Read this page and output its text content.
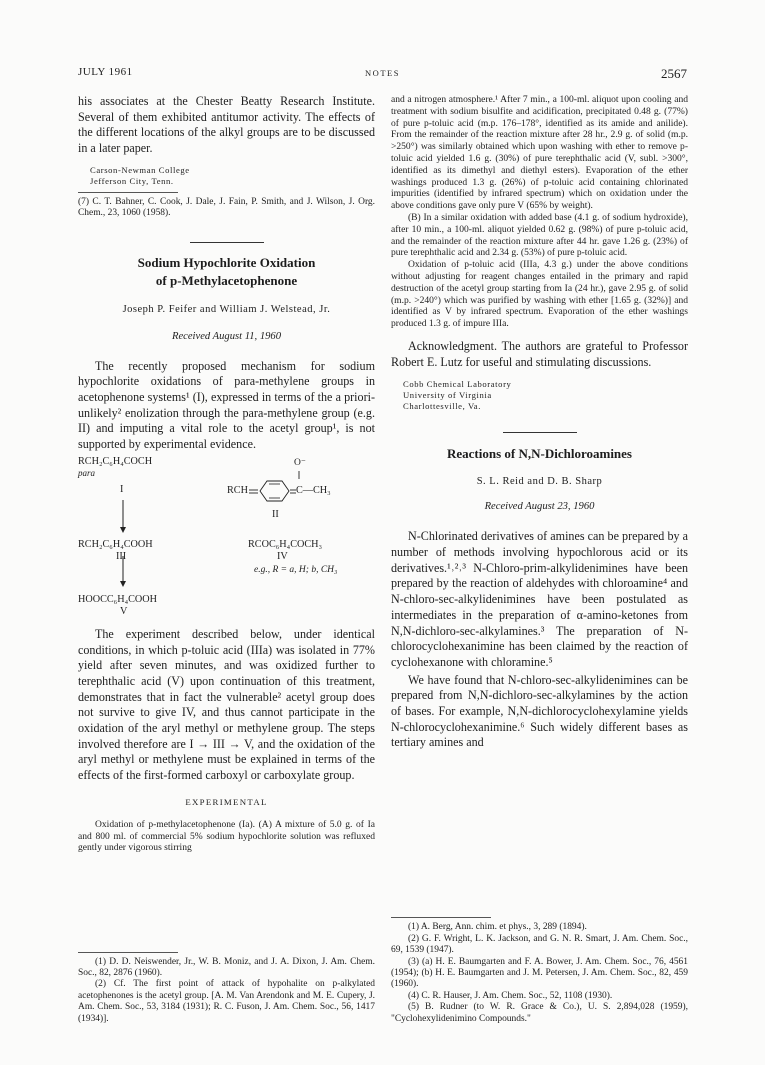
JULY 1961	NOTES	2567

his associates at the Chester Beatty Research Institute. Several of them exhibited antitumor activity. The effects of the different locations of the alkyl groups are to be discussed in a later paper.

Carson-Newman College
Jefferson City, Tenn.

(7) C. T. Bahner, C. Cook, J. Dale, J. Fain, P. Smith, and J. Wilson, J. Org. Chem., 23, 1060 (1958).

Sodium Hypochlorite Oxidation

of p-Methylacetophenone

Joseph P. Feifer and William J. Welstead, Jr.

Received August 11, 1960

The recently proposed mechanism for sodium hypochlorite oxidations of para-methylene groups in acetophenone systems¹ (I), expressed in terms of the a priori-unlikely² enolization through the para-methylene group (e.g. II) and imputing a vital role to the acetyl group¹, is not supported by experimental evidence.

RCH₂C₆H₄COCH
para
I
RCH₂C₆H₄COOH
III
HOOCC₆H₄COOH
V
O⁻
RCH	C—CH₃
II
RCOC₆H₄COCH₃
IV
e.g., R = a, H; b, CH₃

The experiment described below, under identical conditions, in which p-toluic acid (IIIa) was isolated in 77% yield after seven minutes, and was oxidized further to terephthalic acid (V) upon continuation of this treatment, demonstrates that in fact the vulnerable² acetyl group does not survive to give IV, and thus cannot participate in the oxidation of the aryl methyl or methylene group. The steps involved therefore are I → III → V, and the oxidation of the aryl methyl or methylene must be explained in terms of the effects of the first-formed carboxyl or carboxylate group.

EXPERIMENTAL

Oxidation of p-methylacetophenone (Ia). (A) A mixture of 5.0 g. of Ia and 800 ml. of commercial 5% sodium hypochlorite solution was refluxed gently under vigorous stirring

(1) D. D. Neiswender, Jr., W. B. Moniz, and J. A. Dixon, J. Am. Chem. Soc., 82, 2876 (1960).

(2) Cf. The first point of attack of hypohalite on p-alkylated acetophenones is the acetyl group. [A. M. Van Arendonk and M. E. Cupery, J. Am. Chem. Soc., 53, 3184 (1931); R. C. Fuson, J. Am. Chem. Soc., 56, 1417 (1934)].

and a nitrogen atmosphere.¹ After 7 min., a 100-ml. aliquot upon cooling and treatment with sodium bisulfite and acidification, precipitated 0.48 g. (77%) of pure p-toluic acid (m.p. 176–178°, identified as its amide and anilide). From the remainder of the reaction mixture after 28 hr., 2.9 g. of solid (m.p. >250°) was similarly obtained which upon washing with ether to remove p-toluic acid yielded 1.6 g. (30%) of pure terephthalic acid (V, subl. >300°, identified as its dimethyl and diethyl esters). Evaporation of the ether washings produced 1.3 g. (26%) of p-toluic acid containing chlorinated impurities (identified by infrared spectrum) which on oxidation under the above conditions gave only pure V (65% by weight).

(B) In a similar oxidation with added base (4.1 g. of sodium hydroxide), after 10 min., a 100-ml. aliquot yielded 0.62 g. (98%) of pure p-toluic acid, and the remainder of the reaction mixture after 44 hr. gave 1.26 g. (23%) of pure terephthalic acid and 2.34 g. (53%) of pure p-toluic acid.

Oxidation of p-toluic acid (IIIa, 4.3 g.) under the above conditions without adjusting for reagent changes entailed in the primary and rapid destruction of the acetyl group starting from Ia (24 hr.), gave 2.95 g. of solid (m.p. >240°) which was purified by washing with ether [1.65 g. (32%)] and identified as V by infrared spectrum. Evaporation of the ether washings produced 1.3 g. of impure IIIa.

Acknowledgment. The authors are grateful to Professor Robert E. Lutz for useful and stimulating discussions.

Cobb Chemical Laboratory
University of Virginia
Charlottesville, Va.

Reactions of N,N-Dichloroamines

S. L. Reid and D. B. Sharp

Received August 23, 1960

N-Chlorinated derivatives of amines can be prepared by a number of methods involving hypochlorous acid or its derivatives.¹˒²˒³ N-Chloro-prim-alkylidenimines have been prepared by the reaction of aldehydes with chloroamine⁴ and N-chloro-sec-alkylidenimines have been postulated as intermediates in the preparation of α-amino-ketones from N,N-dichloro-sec-alkylamines.³ The preparation of N-chlorocyclohexanimine has been claimed by the reaction of cyclohexanone with chloramine.⁵

We have found that N-chloro-sec-alkylidenimines can be prepared from N,N-dichloro-sec-alkylamines by the action of bases. For example, N,N-dichlorocyclohexylamine yields N-chlorocyclohexanimine.⁶ Such widely different bases as tertiary amines and

(1) A. Berg, Ann. chim. et phys., 3, 289 (1894).

(2) G. F. Wright, L. K. Jackson, and G. N. R. Smart, J. Am. Chem. Soc., 69, 1539 (1947).

(3) (a) H. E. Baumgarten and F. A. Bower, J. Am. Chem. Soc., 76, 4561 (1954); (b) H. E. Baumgarten and J. M. Petersen, J. Am. Chem. Soc., 82, 459 (1960).

(4) C. R. Hauser, J. Am. Chem. Soc., 52, 1108 (1930).

(5) B. Rudner (to W. R. Grace & Co.), U. S. 2,894,028 (1959), "Cyclohexylidenimino Compounds."
